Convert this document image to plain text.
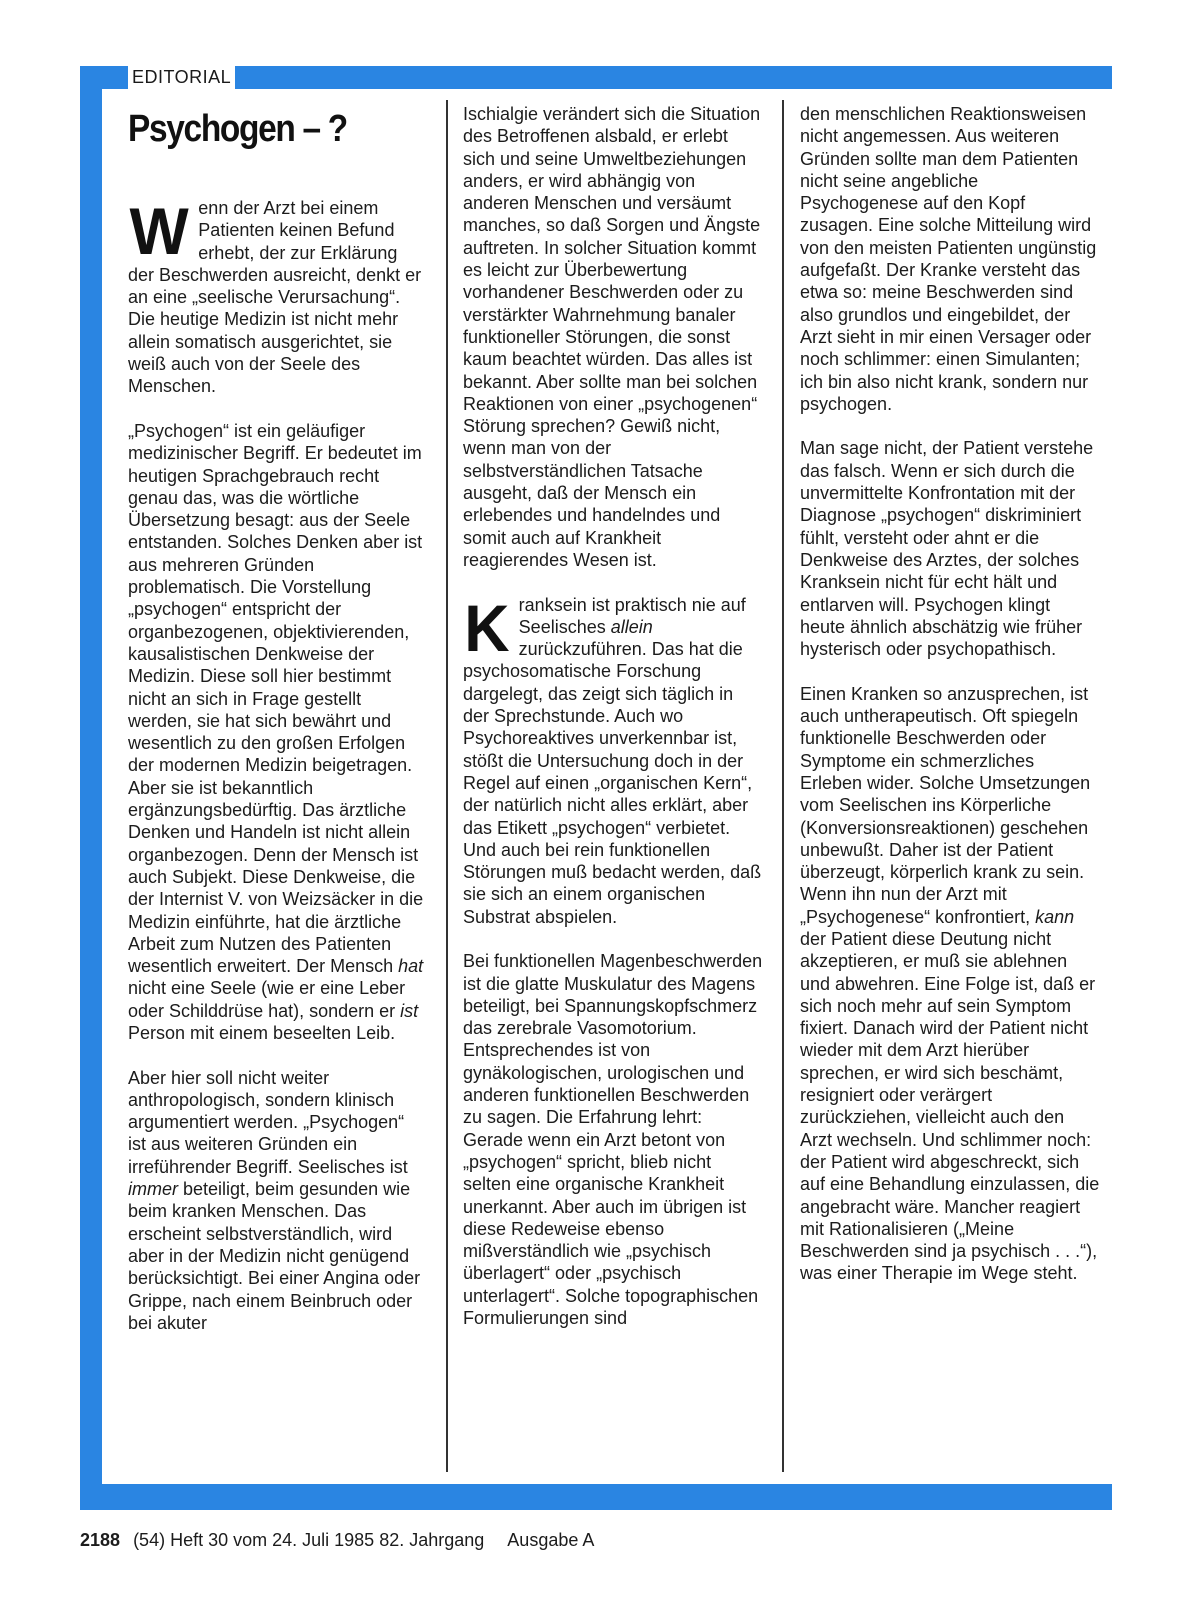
EDITORIAL
Psychogen – ?

Wenn der Arzt bei einem Patienten keinen Befund erhebt, der zur Erklärung der Beschwerden ausreicht, denkt er an eine „seelische Verursachung“. Die heutige Medizin ist nicht mehr allein somatisch ausgerichtet, sie weiß auch von der Seele des Menschen.

„Psychogen“ ist ein geläufiger medizinischer Begriff. Er bedeutet im heutigen Sprachgebrauch recht genau das, was die wörtliche Übersetzung besagt: aus der Seele entstanden. Solches Denken aber ist aus mehreren Gründen problematisch. Die Vorstellung „psychogen“ entspricht der organbezogenen, objektivierenden, kausalistischen Denkweise der Medizin. Diese soll hier bestimmt nicht an sich in Frage gestellt werden, sie hat sich bewährt und wesentlich zu den großen Erfolgen der modernen Medizin beigetragen. Aber sie ist bekanntlich ergänzungsbedürftig. Das ärztliche Denken und Handeln ist nicht allein organbezogen. Denn der Mensch ist auch Subjekt. Diese Denkweise, die der Internist V. von Weizsäcker in die Medizin einführte, hat die ärztliche Arbeit zum Nutzen des Patienten wesentlich erweitert. Der Mensch hat nicht eine Seele (wie er eine Leber oder Schilddrüse hat), sondern er ist Person mit einem beseelten Leib.

Aber hier soll nicht weiter anthropologisch, sondern klinisch argumentiert werden. „Psychogen“ ist aus weiteren Gründen ein irreführender Begriff. Seelisches ist immer beteiligt, beim gesunden wie beim kranken Menschen. Das erscheint selbstverständlich, wird aber in der Medizin nicht genügend berücksichtigt. Bei einer Angina oder Grippe, nach einem Beinbruch oder bei akuter

Ischialgie verändert sich die Situation des Betroffenen alsbald, er erlebt sich und seine Umweltbeziehungen anders, er wird abhängig von anderen Menschen und versäumt manches, so daß Sorgen und Ängste auftreten. In solcher Situation kommt es leicht zur Überbewertung vorhandener Beschwerden oder zu verstärkter Wahrnehmung banaler funktioneller Störungen, die sonst kaum beachtet würden. Das alles ist bekannt. Aber sollte man bei solchen Reaktionen von einer „psychogenen“ Störung sprechen? Gewiß nicht, wenn man von der selbstverständlichen Tatsache ausgeht, daß der Mensch ein erlebendes und handelndes und somit auch auf Krankheit reagierendes Wesen ist.

Kranksein ist praktisch nie auf Seelisches allein zurückzuführen. Das hat die psychosomatische Forschung dargelegt, das zeigt sich täglich in der Sprechstunde. Auch wo Psychoreaktives unverkennbar ist, stößt die Untersuchung doch in der Regel auf einen „organischen Kern“, der natürlich nicht alles erklärt, aber das Etikett „psychogen“ verbietet. Und auch bei rein funktionellen Störungen muß bedacht werden, daß sie sich an einem organischen Substrat abspielen.

Bei funktionellen Magenbeschwerden ist die glatte Muskulatur des Magens beteiligt, bei Spannungskopfschmerz das zerebrale Vasomotorium. Entsprechendes ist von gynäkologischen, urologischen und anderen funktionellen Beschwerden zu sagen. Die Erfahrung lehrt: Gerade wenn ein Arzt betont von „psychogen“ spricht, blieb nicht selten eine organische Krankheit unerkannt. Aber auch im übrigen ist diese Redeweise ebenso mißverständlich wie „psychisch überlagert“ oder „psychisch unterlagert“. Solche topographischen Formulierungen sind

den menschlichen Reaktionsweisen nicht angemessen. Aus weiteren Gründen sollte man dem Patienten nicht seine angebliche Psychogenese auf den Kopf zusagen. Eine solche Mitteilung wird von den meisten Patienten ungünstig aufgefaßt. Der Kranke versteht das etwa so: meine Beschwerden sind also grundlos und eingebildet, der Arzt sieht in mir einen Versager oder noch schlimmer: einen Simulanten; ich bin also nicht krank, sondern nur psychogen.

Man sage nicht, der Patient verstehe das falsch. Wenn er sich durch die unvermittelte Konfrontation mit der Diagnose „psychogen“ diskriminiert fühlt, versteht oder ahnt er die Denkweise des Arztes, der solches Kranksein nicht für echt hält und entlarven will. Psychogen klingt heute ähnlich abschätzig wie früher hysterisch oder psychopathisch.

Einen Kranken so anzusprechen, ist auch untherapeutisch. Oft spiegeln funktionelle Beschwerden oder Symptome ein schmerzliches Erleben wider. Solche Umsetzungen vom Seelischen ins Körperliche (Konversionsreaktionen) geschehen unbewußt. Daher ist der Patient überzeugt, körperlich krank zu sein. Wenn ihn nun der Arzt mit „Psychogenese“ konfrontiert, kann der Patient diese Deutung nicht akzeptieren, er muß sie ablehnen und abwehren. Eine Folge ist, daß er sich noch mehr auf sein Symptom fixiert. Danach wird der Patient nicht wieder mit dem Arzt hierüber sprechen, er wird sich beschämt, resigniert oder verärgert zurückziehen, vielleicht auch den Arzt wechseln. Und schlimmer noch: der Patient wird abgeschreckt, sich auf eine Behandlung einzulassen, die angebracht wäre. Mancher reagiert mit Rationalisieren („Meine Beschwerden sind ja psychisch . . .“), was einer Therapie im Wege steht.

2188 (54) Heft 30 vom 24. Juli 1985 82. Jahrgang Ausgabe A
